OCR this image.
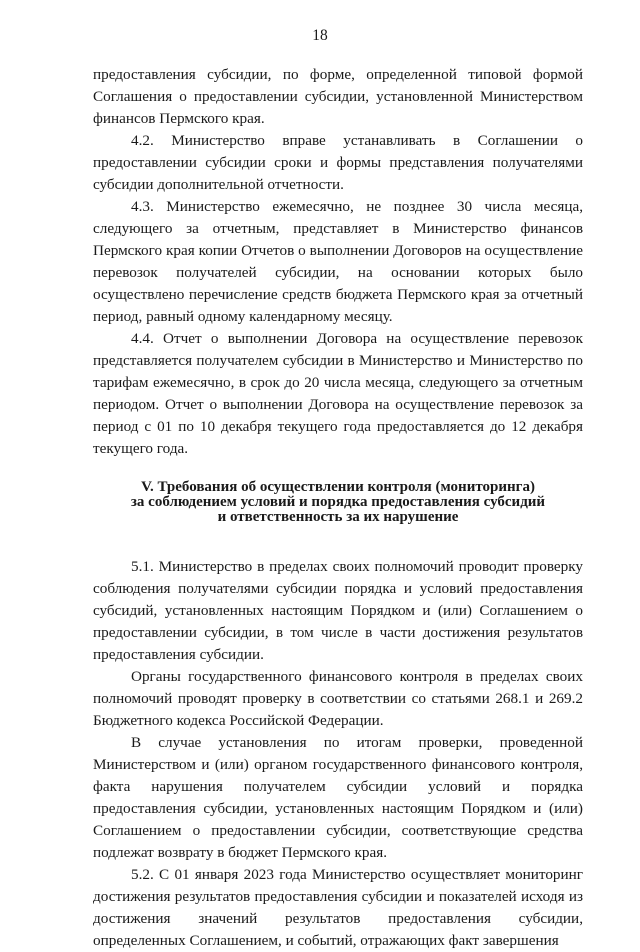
18

предоставления субсидии, по форме, определенной типовой формой Соглашения о предоставлении субсидии, установленной Министерством финансов Пермского края.

4.2. Министерство вправе устанавливать в Соглашении о предоставлении субсидии сроки и формы представления получателями субсидии дополнительной отчетности.

4.3. Министерство ежемесячно, не позднее 30 числа месяца, следующего за отчетным, представляет в Министерство финансов Пермского края копии Отчетов о выполнении Договоров на осуществление перевозок получателей субсидии, на основании которых было осуществлено перечисление средств бюджета Пермского края за отчетный период, равный одному календарному месяцу.

4.4. Отчет о выполнении Договора на осуществление перевозок представляется получателем субсидии в Министерство и Министерство по тарифам ежемесячно, в срок до 20 числа месяца, следующего за отчетным периодом. Отчет о выполнении Договора на осуществление перевозок за период с 01 по 10 декабря текущего года предоставляется до 12 декабря текущего года.

V. Требования об осуществлении контроля (мониторинга)
за соблюдением условий и порядка предоставления субсидий
и ответственность за их нарушение

5.1. Министерство в пределах своих полномочий проводит проверку соблюдения получателями субсидии порядка и условий предоставления субсидий, установленных настоящим Порядком и (или) Соглашением о предоставлении субсидии, в том числе в части достижения результатов предоставления субсидии.

Органы государственного финансового контроля в пределах своих полномочий проводят проверку в соответствии со статьями 268.1 и 269.2 Бюджетного кодекса Российской Федерации.

В случае установления по итогам проверки, проведенной Министерством и (или) органом государственного финансового контроля, факта нарушения получателем субсидии условий и порядка предоставления субсидии, установленных настоящим Порядком и (или) Соглашением о предоставлении субсидии, соответствующие средства подлежат возврату в бюджет Пермского края.

5.2. С 01 января 2023 года Министерство осуществляет мониторинг достижения результатов предоставления субсидии и показателей исходя из достижения значений результатов предоставления субсидии, определенных Соглашением, и событий, отражающих факт завершения
